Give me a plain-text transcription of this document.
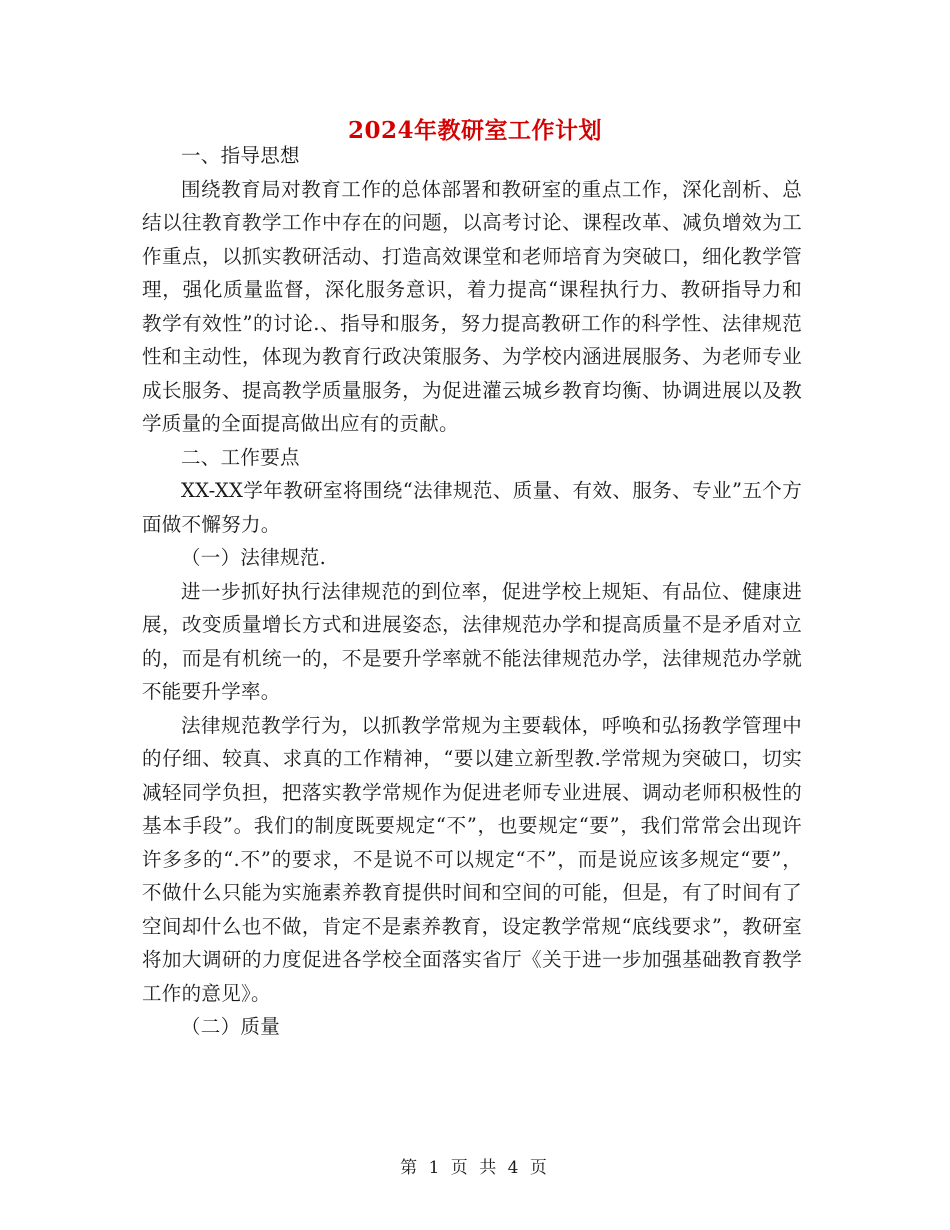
2024年教研室工作计划

一、指导思想

围绕教育局对教育工作的总体部署和教研室的重点工作，深化剖析、总结以往教育教学工作中存在的问题，以高考讨论、课程改革、减负增效为工作重点，以抓实教研活动、打造高效课堂和老师培育为突破口，细化教学管理，强化质量监督，深化服务意识，着力提高“课程执行力、教研指导力和教学有效性”的讨论.、指导和服务，努力提高教研工作的科学性、法律规范性和主动性，体现为教育行政决策服务、为学校内涵进展服务、为老师专业成长服务、提高教学质量服务，为促进灌云城乡教育均衡、协调进展以及教学质量的全面提高做出应有的贡献。

二、工作要点

XX-XX学年教研室将围绕“法律规范、质量、有效、服务、专业”五个方面做不懈努力。

（一）法律规范.

进一步抓好执行法律规范的到位率，促进学校上规矩、有品位、健康进展，改变质量增长方式和进展姿态，法律规范办学和提高质量不是矛盾对立的，而是有机统一的，不是要升学率就不能法律规范办学，法律规范办学就不能要升学率。

法律规范教学行为，以抓教学常规为主要载体，呼唤和弘扬教学管理中的仔细、较真、求真的工作精神，“要以建立新型教.学常规为突破口，切实减轻同学负担，把落实教学常规作为促进老师专业进展、调动老师积极性的基本手段”。我们的制度既要规定“不”，也要规定“要”，我们常常会出现许许多多的“.不”的要求，不是说不可以规定“不”，而是说应该多规定“要”，不做什么只能为实施素养教育提供时间和空间的可能，但是，有了时间有了空间却什么也不做，肯定不是素养教育，设定教学常规“底线要求”，教研室将加大调研的力度促进各学校全面落实省厅《关于进一步加强基础教育教学工作的意见》。

（二）质量

第 1 页 共 4 页
